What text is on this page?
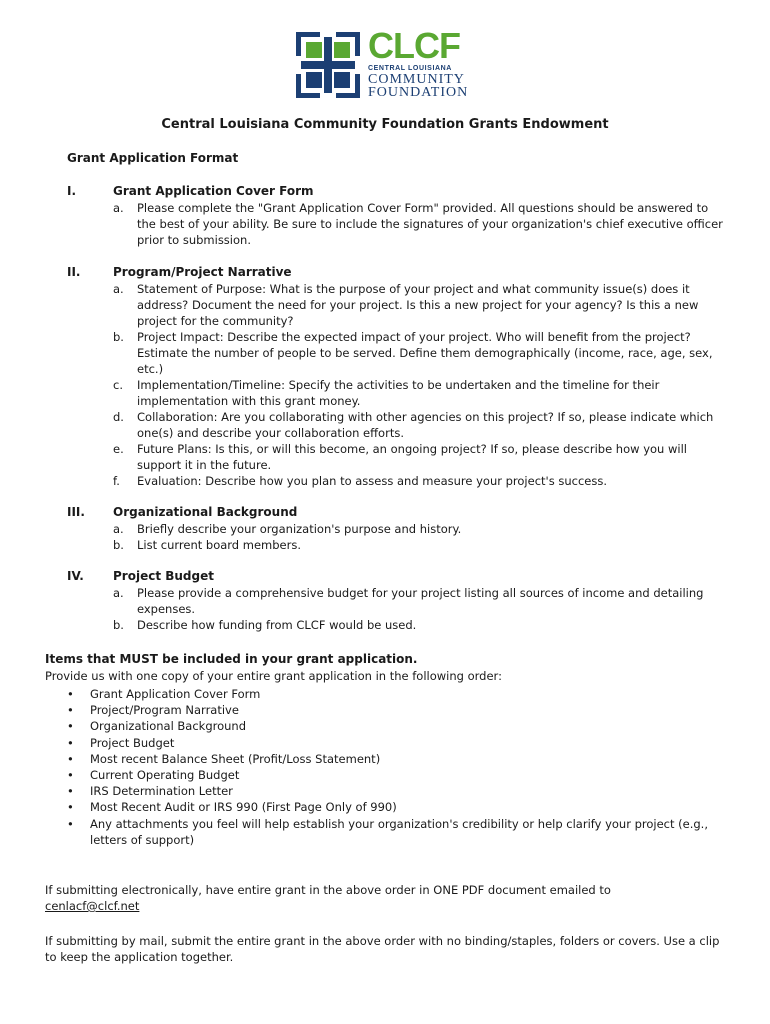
CLCF
CENTRAL LOUISIANA
COMMUNITY
FOUNDATION
Central Louisiana Community Foundation Grants Endowment
Grant Application Format
I.	Grant Application Cover Form
a. Please complete the "Grant Application Cover Form" provided. All questions should be answered to the best of your ability. Be sure to include the signatures of your organization's chief executive officer prior to submission.
II.	Program/Project Narrative
a. Statement of Purpose: What is the purpose of your project and what community issue(s) does it address? Document the need for your project. Is this a new project for your agency? Is this a new project for the community?
b. Project Impact: Describe the expected impact of your project. Who will benefit from the project? Estimate the number of people to be served. Define them demographically (income, race, age, sex, etc.)
c. Implementation/Timeline: Specify the activities to be undertaken and the timeline for their implementation with this grant money.
d. Collaboration: Are you collaborating with other agencies on this project? If so, please indicate which one(s) and describe your collaboration efforts.
e. Future Plans: Is this, or will this become, an ongoing project? If so, please describe how you will support it in the future.
f. Evaluation: Describe how you plan to assess and measure your project's success.
III. Organizational Background
a. Briefly describe your organization's purpose and history.
b. List current board members.
IV. Project Budget
a. Please provide a comprehensive budget for your project listing all sources of income and detailing expenses.
b. Describe how funding from CLCF would be used.
Items that MUST be included in your grant application.
Provide us with one copy of your entire grant application in the following order:
• Grant Application Cover Form
• Project/Program Narrative
• Organizational Background
• Project Budget
• Most recent Balance Sheet (Profit/Loss Statement)
• Current Operating Budget
• IRS Determination Letter
• Most Recent Audit or IRS 990 (First Page Only of 990)
• Any attachments you feel will help establish your organization's credibility or help clarify your project (e.g., letters of support)
If submitting electronically, have entire grant in the above order in ONE PDF document emailed to
cenlacf@clcf.net
If submitting by mail, submit the entire grant in the above order with no binding/staples, folders or covers. Use a clip to keep the application together.
